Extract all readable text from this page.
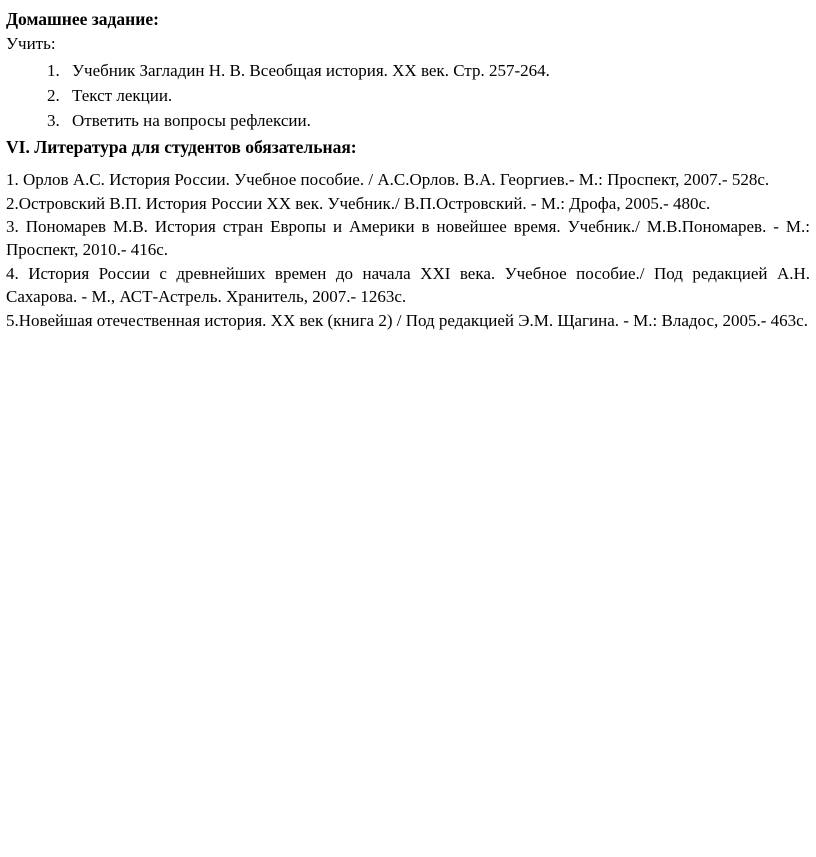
Домашнее задание:
Учить:
1. Учебник Загладин Н. В. Всеобщая история. XX век. Стр. 257-264.
2. Текст лекции.
3. Ответить на вопросы рефлексии.
VI. Литература для студентов обязательная:
1. Орлов А.С. История России. Учебное пособие. / А.С.Орлов. В.А. Георгиев.- М.: Проспект, 2007.- 528с.
2.Островский В.П. История России XX век. Учебник./ В.П.Островский. - М.: Дрофа, 2005.- 480с.
3. Пономарев М.В. История стран Европы и Америки в новейшее время. Учебник./ М.В.Пономарев. - М.: Проспект, 2010.- 416с.
4. История России с древнейших времен до начала XXI века. Учебное пособие./ Под редакцией А.Н. Сахарова. - М., АСТ-Астрель. Хранитель, 2007.- 1263с.
5.Новейшая отечественная история. XX век (книга 2) / Под редакцией Э.М. Щагина. - М.: Владос, 2005.- 463с.
